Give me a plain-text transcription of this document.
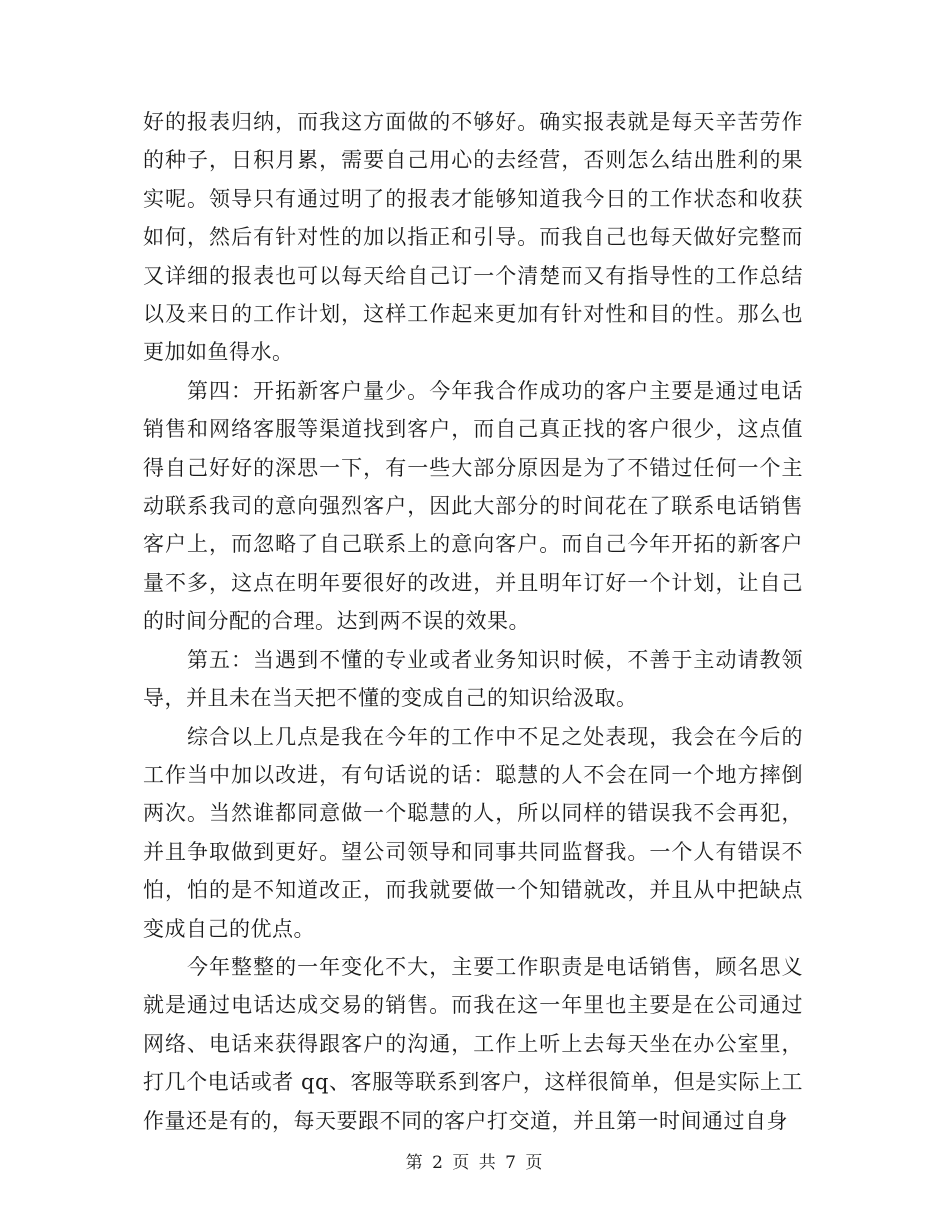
好的报表归纳，而我这方面做的不够好。确实报表就是每天辛苦劳作的种子，日积月累，需要自己用心的去经营，否则怎么结出胜利的果实呢。领导只有通过明了的报表才能够知道我今日的工作状态和收获如何，然后有针对性的加以指正和引导。而我自己也每天做好完整而又详细的报表也可以每天给自己订一个清楚而又有指导性的工作总结以及来日的工作计划，这样工作起来更加有针对性和目的性。那么也更加如鱼得水。

第四：开拓新客户量少。今年我合作成功的客户主要是通过电话销售和网络客服等渠道找到客户，而自己真正找的客户很少，这点值得自己好好的深思一下，有一些大部分原因是为了不错过任何一个主动联系我司的意向强烈客户，因此大部分的时间花在了联系电话销售客户上，而忽略了自己联系上的意向客户。而自己今年开拓的新客户量不多，这点在明年要很好的改进，并且明年订好一个计划，让自己的时间分配的合理。达到两不误的效果。

第五：当遇到不懂的专业或者业务知识时候，不善于主动请教领导，并且未在当天把不懂的变成自己的知识给汲取。

综合以上几点是我在今年的工作中不足之处表现，我会在今后的工作当中加以改进，有句话说的话：聪慧的人不会在同一个地方摔倒两次。当然谁都同意做一个聪慧的人，所以同样的错误我不会再犯，并且争取做到更好。望公司领导和同事共同监督我。一个人有错误不怕，怕的是不知道改正，而我就要做一个知错就改，并且从中把缺点变成自己的优点。

今年整整的一年变化不大，主要工作职责是电话销售，顾名思义就是通过电话达成交易的销售。而我在这一年里也主要是在公司通过网络、电话来获得跟客户的沟通，工作上听上去每天坐在办公室里，打几个电话或者 qq、客服等联系到客户，这样很简单，但是实际上工作量还是有的，每天要跟不同的客户打交道，并且第一时间通过自身

第 2 页 共 7 页
